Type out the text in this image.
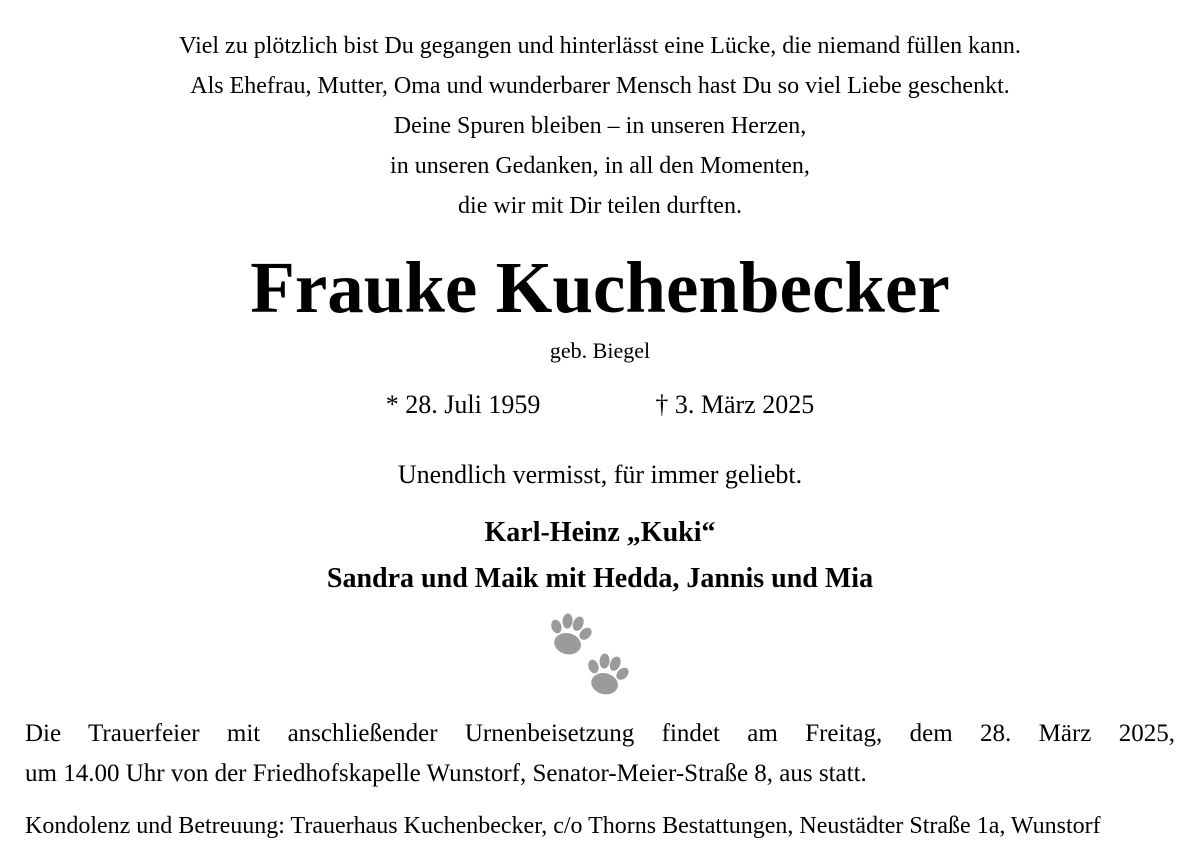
Viel zu plötzlich bist Du gegangen und hinterlässt eine Lücke, die niemand füllen kann.
Als Ehefrau, Mutter, Oma und wunderbarer Mensch hast Du so viel Liebe geschenkt.
Deine Spuren bleiben – in unseren Herzen,
in unseren Gedanken, in all den Momenten,
die wir mit Dir teilen durften.
Frauke Kuchenbecker
geb. Biegel
* 28. Juli 1959	† 3. März 2025
Unendlich vermisst, für immer geliebt.
Karl-Heinz „Kuki“
Sandra und Maik mit Hedda, Jannis und Mia
Die Trauerfeier mit anschließender Urnenbeisetzung findet am Freitag, dem 28. März 2025,
um 14.00 Uhr von der Friedhofskapelle Wunstorf, Senator-Meier-Straße 8, aus statt.
Kondolenz und Betreuung: Trauerhaus Kuchenbecker, c/o Thorns Bestattungen, Neustädter Straße 1a, Wunstorf
